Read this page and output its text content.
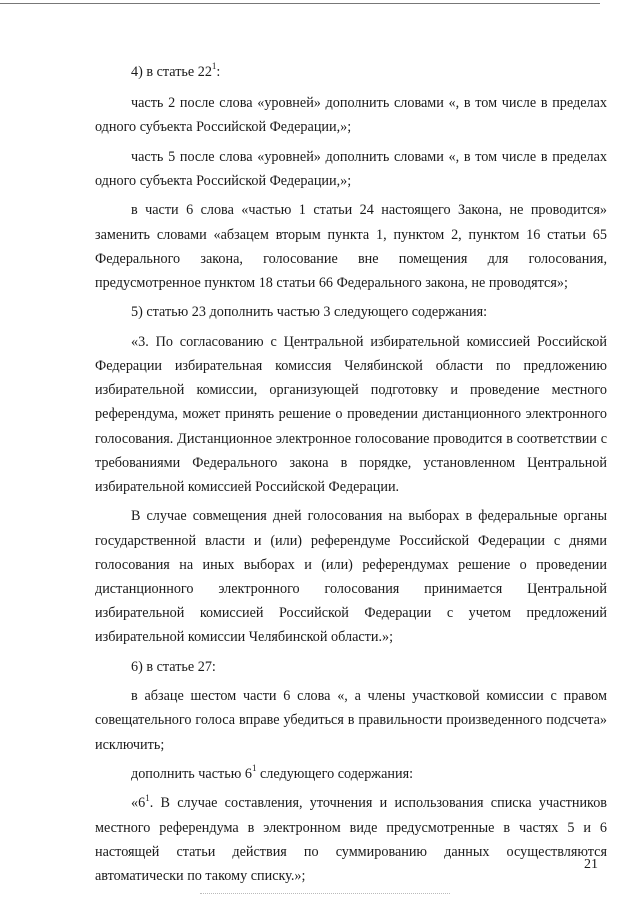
4) в статье $22^1$:

часть 2 после слова «уровней» дополнить словами «, в том числе в пределах одного субъекта Российской Федерации,»;

часть 5 после слова «уровней» дополнить словами «, в том числе в пределах одного субъекта Российской Федерации,»;

в части 6 слова «частью 1 статьи 24 настоящего Закона, не проводится» заменить словами «абзацем вторым пункта 1, пунктом 2, пунктом 16 статьи 65 Федерального закона, голосование вне помещения для голосования, предусмотренное пунктом 18 статьи 66 Федерального закона, не проводятся»;

5) статью 23 дополнить частью 3 следующего содержания:

«3. По согласованию с Центральной избирательной комиссией Российской Федерации избирательная комиссия Челябинской области по предложению избирательной комиссии, организующей подготовку и проведение местного референдума, может принять решение о проведении дистанционного электронного голосования. Дистанционное электронное голосование проводится в соответствии с требованиями Федерального закона в порядке, установленном Центральной избирательной комиссией Российской Федерации.

В случае совмещения дней голосования на выборах в федеральные органы государственной власти и (или) референдуме Российской Федерации с днями голосования на иных выборах и (или) референдумах решение о проведении дистанционного электронного голосования принимается Центральной избирательной комиссией Российской Федерации с учетом предложений избирательной комиссии Челябинской области.»;

6) в статье 27:

в абзаце шестом части 6 слова «, а члены участковой комиссии с правом совещательного голоса вправе убедиться в правильности произведенного подсчета» исключить;

дополнить частью $6^1$ следующего содержания:

«$6^1$. В случае составления, уточнения и использования списка участников местного референдума в электронном виде предусмотренные в частях 5 и 6 настоящей статьи действия по суммированию данных осуществляются автоматически по такому списку.»;

21
